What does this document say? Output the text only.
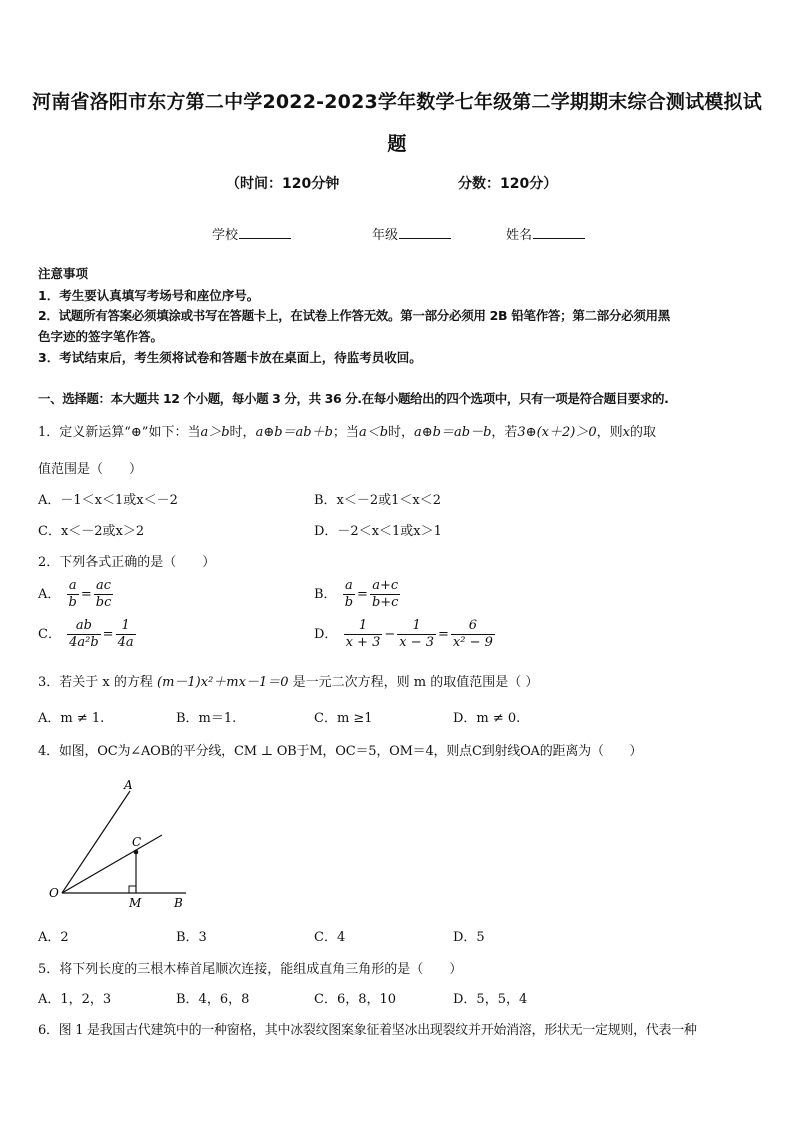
河南省洛阳市东方第二中学2022-2023学年数学七年级第二学期期末综合测试模拟试
题
（时间：120分钟	分数：120分）
学校	年级	姓名
注意事项
1．考生要认真填写考场号和座位序号。
2．试题所有答案必须填涂或书写在答题卡上，在试卷上作答无效。第一部分必须用 2B 铅笔作答；第二部分必须用黑
色字迹的签字笔作答。
3．考试结束后，考生须将试卷和答题卡放在桌面上，待监考员收回。
一、选择题：本大题共 12 个小题，每小题 3 分，共 36 分.在每小题给出的四个选项中，只有一项是符合题目要求的.
1．定义新运算“⊕”如下：当a＞b时，a⊕b＝ab＋b；当a＜b时，a⊕b＝ab－b，若3⊕(x＋2)＞0，则x的取
值范围是（　　）
A．－1＜x＜1或x＜－2	B．x＜－2或1＜x＜2
C．x＜－2或x＞2	D．－2＜x＜1或x＞1
2．下列各式正确的是（　　）
A． $\frac{a}{b} = \frac{ac}{bc}$	B． $\frac{a}{b} = \frac{a+c}{b+c}$
C． $\frac{ab}{\text{4a²b}} = \frac{1}{4a}$	D． $\frac{1}{x + 3} - \frac{1}{x - 3} = \frac{6}{\text{x² − 9}}$
3．若关于 x 的方程 (m－1)x²＋mx－1＝0 是一元二次方程，则 m 的取值范围是（ ）
A．m ≠ 1.	B．m＝1.	C．m ≥1	D．m ≠ 0.
4．如图，OC为∠AOB的平分线，CM ⊥ OB于M，OC＝5，OM＝4，则点C到射线OA的距离为（　　）
A
C
O
M	B
A．2	B．3	C．4	D．5
5．将下列长度的三根木棒首尾顺次连接，能组成直角三角形的是（　　）
A．1，2，3	B．4，6，8	C．6，8，10	D．5，5，4
6．图 1 是我国古代建筑中的一种窗格，其中冰裂纹图案象征着坚冰出现裂纹并开始消溶，形状无一定规则，代表一种
